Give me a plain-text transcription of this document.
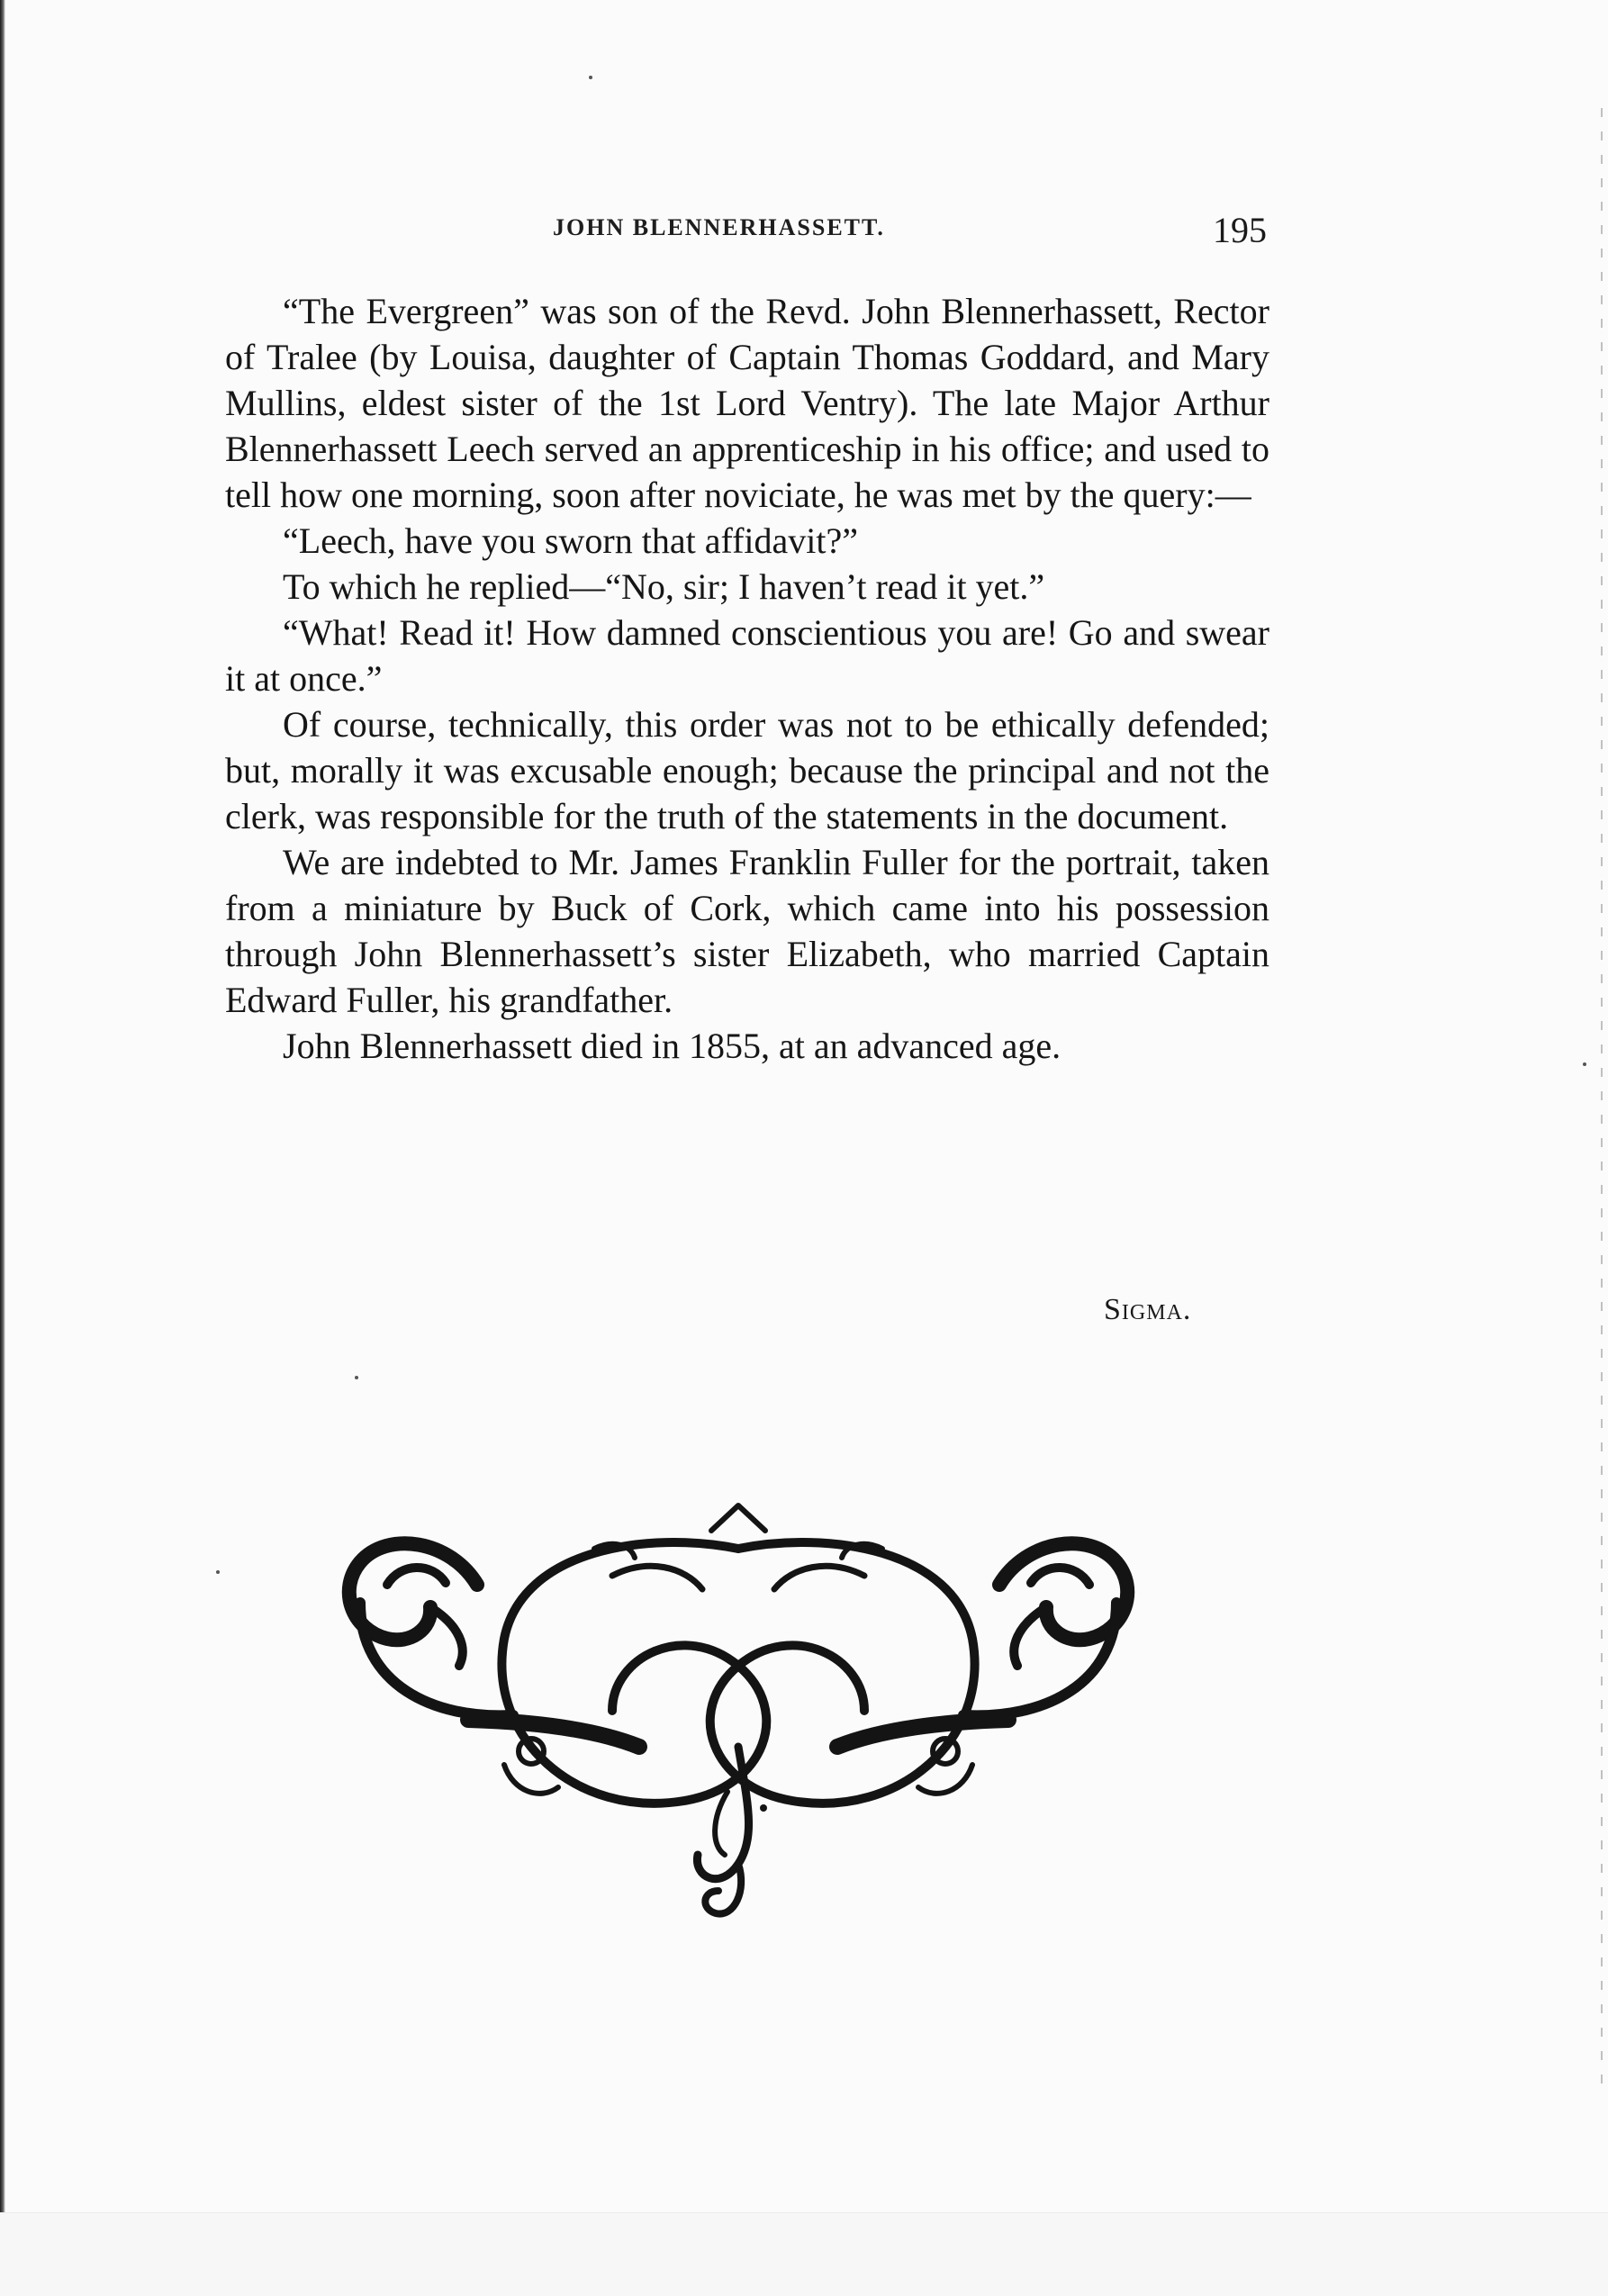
JOHN BLENNERHASSETT.	195

“The Evergreen” was son of the Revd. John Blennerhassett, Rector of Tralee (by Louisa, daughter of Captain Thomas Goddard, and Mary Mullins, eldest sister of the 1st Lord Ventry). The late Major Arthur Blennerhassett Leech served an apprenticeship in his office; and used to tell how one morning, soon after noviciate, he was met by the query:—

“Leech, have you sworn that affidavit?”

To which he replied—“No, sir; I haven’t read it yet.”

“What! Read it! How damned conscientious you are! Go and swear it at once.”

Of course, technically, this order was not to be ethically defended; but, morally it was excusable enough; because the principal and not the clerk, was responsible for the truth of the statements in the document.

We are indebted to Mr. James Franklin Fuller for the portrait, taken from a miniature by Buck of Cork, which came into his possession through John Blennerhassett’s sister Elizabeth, who married Captain Edward Fuller, his grandfather.

John Blennerhassett died in 1855, at an advanced age.

Sigma.
